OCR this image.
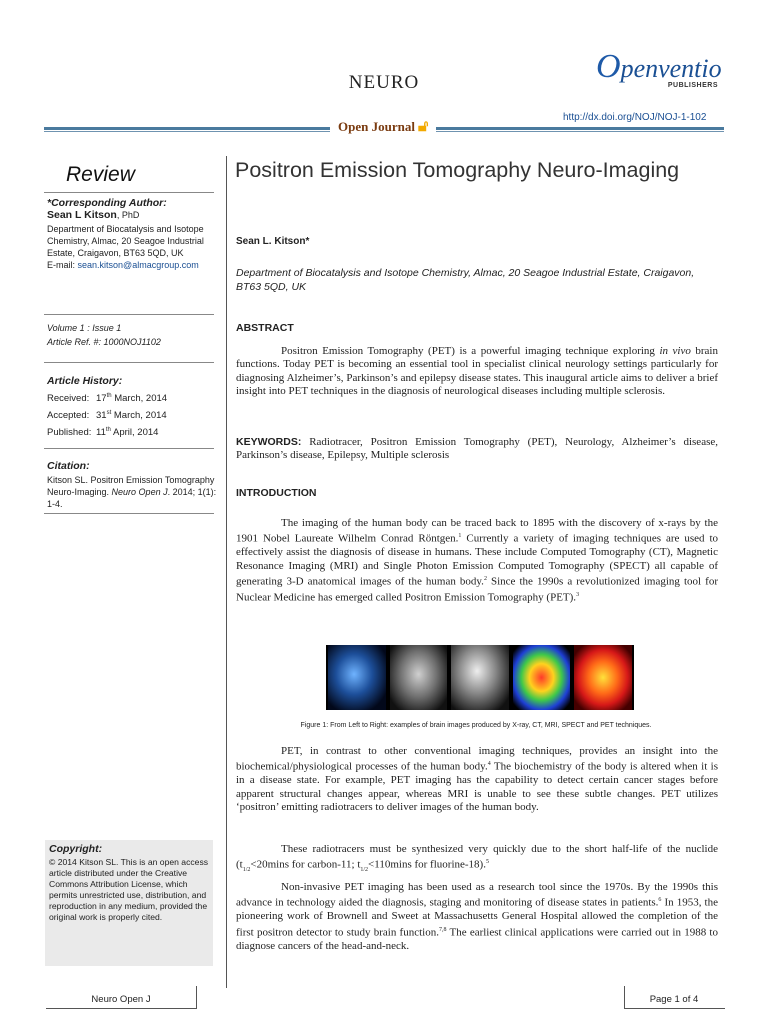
NEURO	Openventio
PUBLISHERS
http://dx.doi.org/NOJ/NOJ-1-102
Open Journal 🔓︎
Review
*Corresponding Author:
Sean L Kitson, PhD
Department of Biocatalysis and Isotope Chemistry, Almac, 20 Seagoe Industrial Estate, Craigavon, BT63 5QD, UK
E-mail: sean.kitson@almacgroup.com
Volume 1 : Issue 1
Article Ref. #: 1000NOJ1102
Article History:
Received: 17th March, 2014
Accepted: 31st March, 2014
Published: 11th April, 2014
Citation:
Kitson SL. Positron Emission Tomography Neuro-Imaging. Neuro Open J. 2014; 1(1): 1-4.
Copyright:
© 2014 Kitson SL. This is an open access article distributed under the Creative Commons Attribution License, which permits unrestricted use, distribution, and reproduction in any medium, provided the original work is properly cited.
Positron Emission Tomography Neuro-Imaging
Sean L. Kitson*
Department of Biocatalysis and Isotope Chemistry, Almac, 20 Seagoe Industrial Estate, Craigavon, BT63 5QD, UK
ABSTRACT

Positron Emission Tomography (PET) is a powerful imaging technique exploring in vivo brain functions. Today PET is becoming an essential tool in specialist clinical neurology settings particularly for diagnosing Alzheimer’s, Parkinson’s and epilepsy disease states. This inaugural article aims to deliver a brief insight into PET techniques in the diagnosis of neurological diseases including multiple sclerosis.

KEYWORDS: Radiotracer, Positron Emission Tomography (PET), Neurology, Alzheimer’s disease, Parkinson’s disease, Epilepsy, Multiple sclerosis
INTRODUCTION

The imaging of the human body can be traced back to 1895 with the discovery of x-rays by the 1901 Nobel Laureate Wilhelm Conrad Röntgen.$^1$ Currently a variety of imaging techniques are used to effectively assist the diagnosis of disease in humans. These include Computed Tomography (CT), Magnetic Resonance Imaging (MRI) and Single Photon Emission Computed Tomography (SPECT) all capable of generating 3-D anatomical images of the human body.$^2$ Since the 1990s a revolutionized imaging tool for Nuclear Medicine has emerged called Positron Emission Tomography (PET).$^3$

Figure 1: From Left to Right: examples of brain images produced by X-ray, CT, MRI, SPECT and PET techniques.

PET, in contrast to other conventional imaging techniques, provides an insight into the biochemical/physiological processes of the human body.$^4$ The biochemistry of the body is altered when it is in a disease state. For example, PET imaging has the capability to detect certain cancer stages before apparent structural changes appear, whereas MRI is unable to see these subtle changes. PET utilizes ‘positron’ emitting radiotracers to deliver images of the human body.

These radiotracers must be synthesized very quickly due to the short half-life of the nuclide ($t_{1/2}<20\min s$ for carbon-11; $t_{1/2}<110\min s$ for fluorine-18).$^5$

Non-invasive PET imaging has been used as a research tool since the 1970s. By the 1990s this advance in technology aided the diagnosis, staging and monitoring of disease states in patients.$^6$ In 1953, the pioneering work of Brownell and Sweet at Massachusetts General Hospital allowed the completion of the first positron detector to study brain function.$^{7,8}$ The earliest clinical applications were carried out in 1988 to diagnose cancers of the head-and-neck.

Neuro Open J	Page 1 of 4
